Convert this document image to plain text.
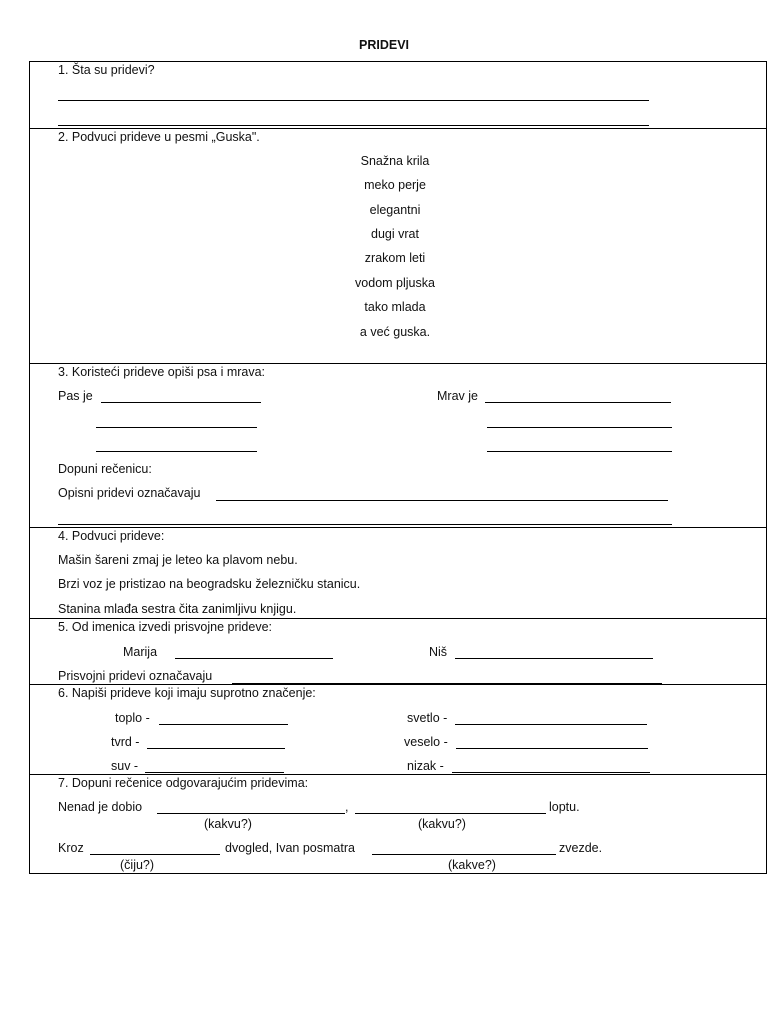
PRIDEVI
1. Šta su pridevi?
2. Podvuci prideve u pesmi „Guska".
Snažna krila
meko perje
elegantni
dugi vrat
zrakom leti
vodom pljuska
tako mlada
a već guska.
3. Koristeći prideve opiši psa i mrava:
Pas je	Mrav je
Dopuni rečenicu:
Opisni pridevi označavaju
4. Podvuci prideve:
Mašin šareni zmaj je leteo ka plavom nebu.
Brzi voz je pristizao na beogradsku železničku stanicu.
Stanina mlađa sestra čita zanimljivu knjigu.
5. Od imenica izvedi prisvojne prideve:
Marija	Niš
Prisvojni pridevi označavaju
6. Napiši prideve koji imaju suprotno značenje:
toplo -	svetlo -
tvrd -	veselo -
suv -	nizak -
7. Dopuni rečenice odgovarajućim pridevima:
Nenad je dobio	,	loptu.
(kakvu?)	(kakvu?)
Kroz	dvogled, Ivan posmatra	zvezde.
(čiju?)	(kakve?)
